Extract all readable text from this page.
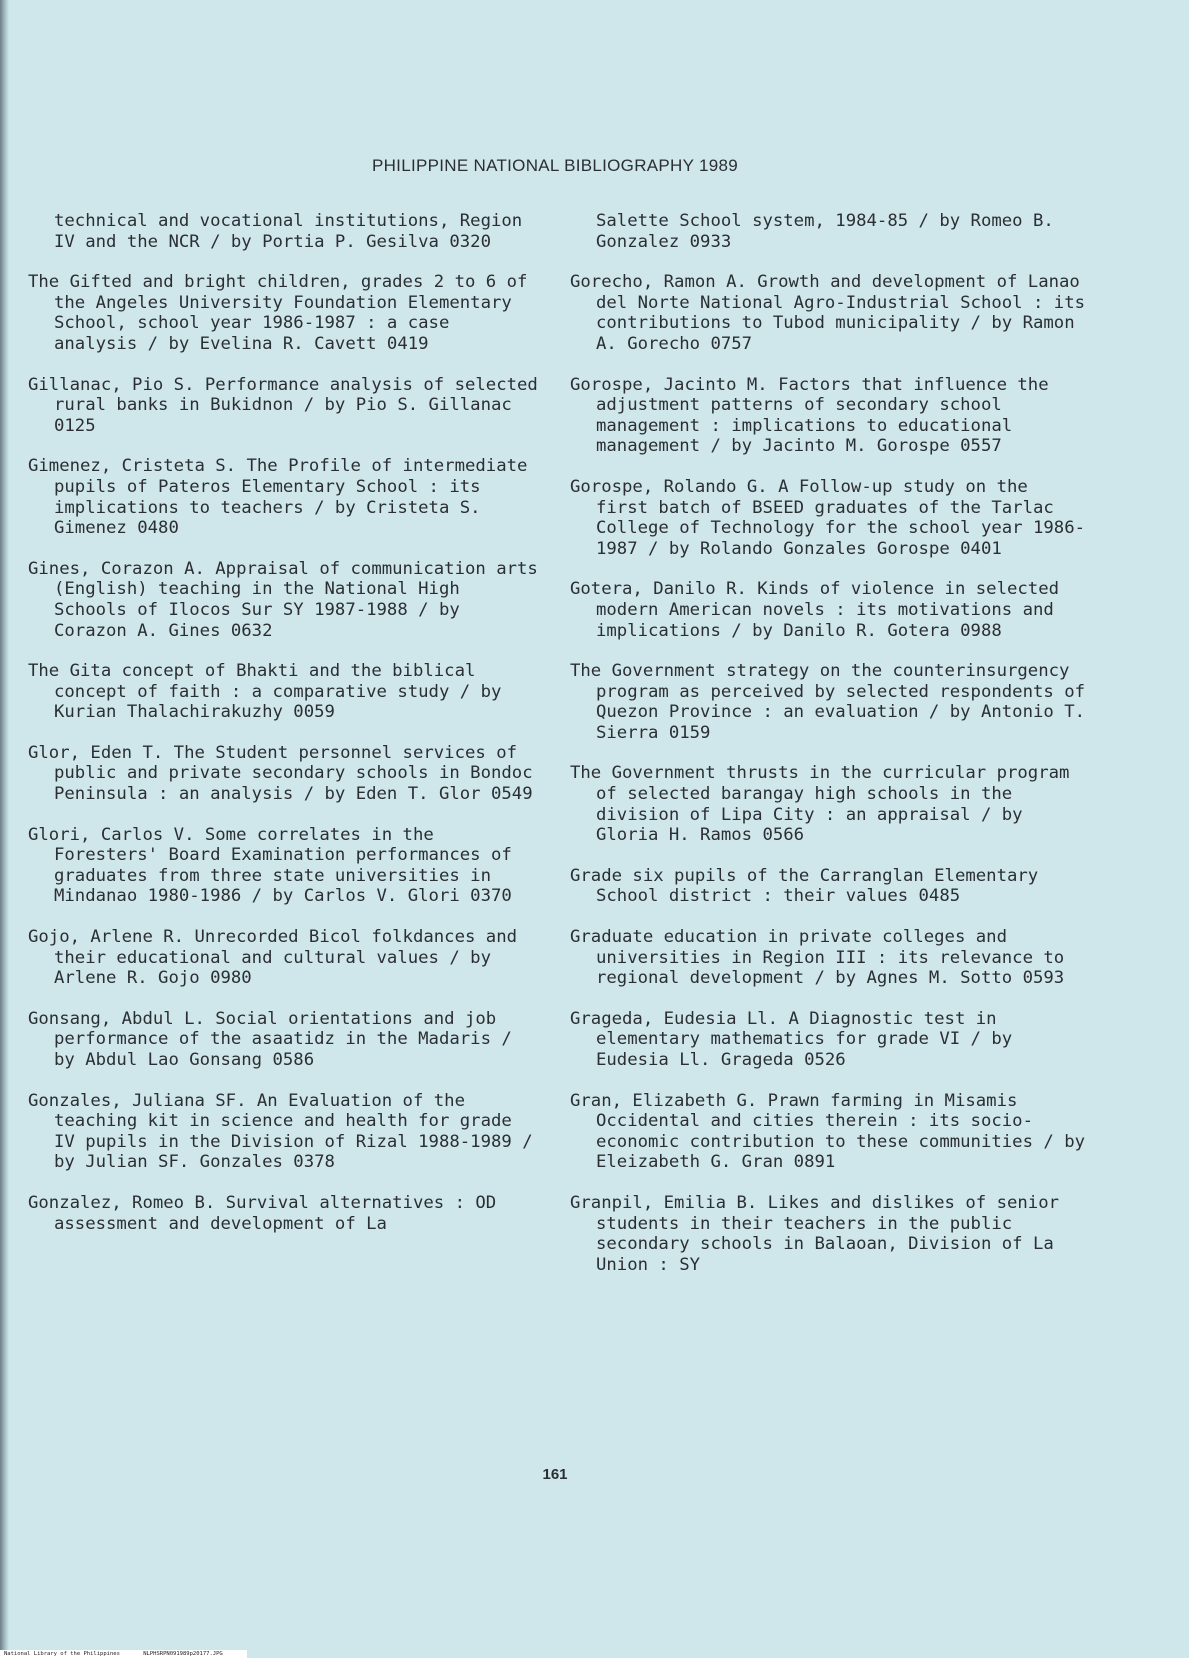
PHILIPPINE NATIONAL BIBLIOGRAPHY 1989

technical and vocational institutions, Region IV and the NCR / by Portia P. Gesilva 0320

The Gifted and bright children, grades 2 to 6 of the Angeles University Foundation Elementary School, school year 1986-1987 : a case analysis / by Evelina R. Cavett 0419

Gillanac, Pio S. Performance analysis of selected rural banks in Bukidnon / by Pio S. Gillanac 0125

Gimenez, Cristeta S. The Profile of intermediate pupils of Pateros Elementary School : its implications to teachers / by Cristeta S. Gimenez 0480

Gines, Corazon A. Appraisal of communication arts (English) teaching in the National High Schools of Ilocos Sur SY 1987-1988 / by Corazon A. Gines 0632

The Gita concept of Bhakti and the biblical concept of faith : a comparative study / by Kurian Thalachirakuzhy 0059

Glor, Eden T. The Student personnel services of public and private secondary schools in Bondoc Peninsula : an analysis / by Eden T. Glor 0549

Glori, Carlos V. Some correlates in the Foresters' Board Examination performances of graduates from three state universities in Mindanao 1980-1986 / by Carlos V. Glori 0370

Gojo, Arlene R. Unrecorded Bicol folkdances and their educational and cultural values / by Arlene R. Gojo 0980

Gonsang, Abdul L. Social orientations and job performance of the asaatidz in the Madaris / by Abdul Lao Gonsang 0586

Gonzales, Juliana SF. An Evaluation of the teaching kit in science and health for grade IV pupils in the Division of Rizal 1988-1989 / by Julian SF. Gonzales 0378

Gonzalez, Romeo B. Survival alternatives : OD assessment and development of La

Salette School system, 1984-85 / by Romeo B. Gonzalez 0933

Gorecho, Ramon A. Growth and development of Lanao del Norte National Agro-Industrial School : its contributions to Tubod municipality / by Ramon A. Gorecho 0757

Gorospe, Jacinto M. Factors that influence the adjustment patterns of secondary school management : implications to educational management / by Jacinto M. Gorospe 0557

Gorospe, Rolando G. A Follow-up study on the first batch of BSEED graduates of the Tarlac College of Technology for the school year 1986-1987 / by Rolando Gonzales Gorospe 0401

Gotera, Danilo R. Kinds of violence in selected modern American novels : its motivations and implications / by Danilo R. Gotera 0988

The Government strategy on the counterinsurgency program as perceived by selected respondents of Quezon Province : an evaluation / by Antonio T. Sierra 0159

The Government thrusts in the curricular program of selected barangay high schools in the division of Lipa City : an appraisal / by Gloria H. Ramos 0566

Grade six pupils of the Carranglan Elementary School district : their values 0485

Graduate education in private colleges and universities in Region III : its relevance to regional development / by Agnes M. Sotto 0593

Grageda, Eudesia Ll. A Diagnostic test in elementary mathematics for grade VI / by Eudesia Ll. Grageda 0526

Gran, Elizabeth G. Prawn farming in Misamis Occidental and cities therein : its socio-economic contribution to these communities / by Eleizabeth G. Gran 0891

Granpil, Emilia B. Likes and dislikes of senior students in their teachers in the public secondary schools in Balaoan, Division of La Union : SY

161
National Library of the Philippines	NLPHSRPN091989p20177.JPG
